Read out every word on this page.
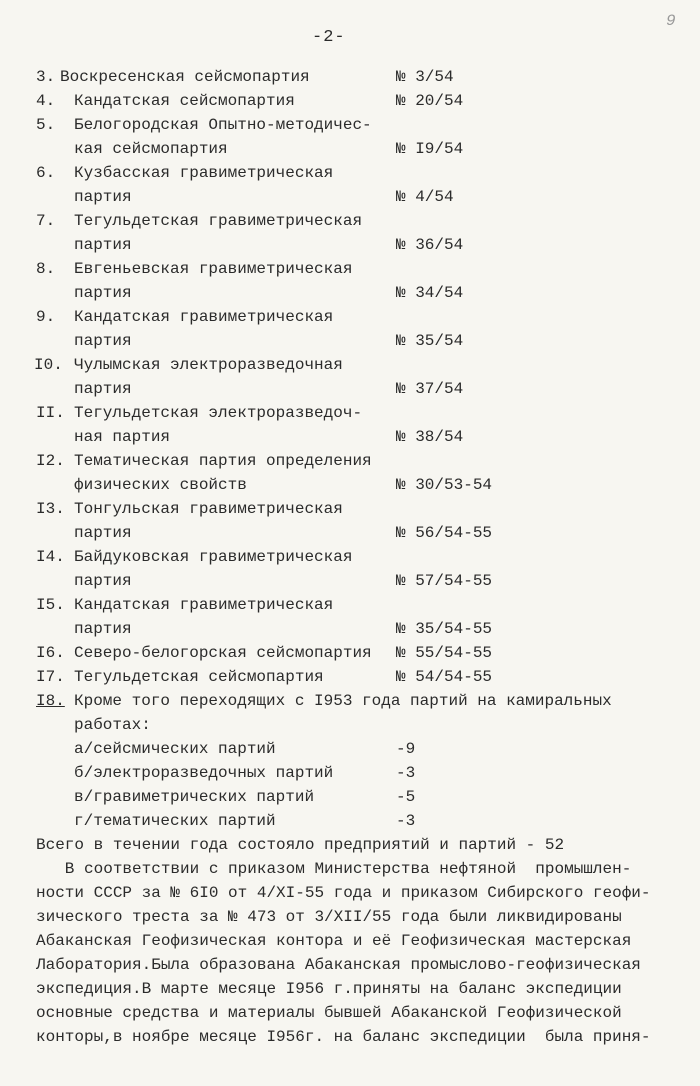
-2-
9
3. Воскресенская сейсмопартия	№ 3/54
4. Кандатская сейсмопартия	№ 20/54
5. Белогородская Опытно-методичес-
кая сейсмопартия	№ I9/54
6. Кузбасская гравиметрическая
партия	№ 4/54
7. Тегульдетская гравиметрическая
партия	№ 36/54
8. Евгеньевская гравиметрическая
партия	№ 34/54
9. Кандатская гравиметрическая
партия	№ 35/54
I0. Чулымская электроразведочная
партия	№ 37/54
II. Тегульдетская электроразведоч-
ная партия	№ 38/54
I2. Тематическая партия определения
физических свойств	№ 30/53-54
I3. Тонгульская гравиметрическая
партия	№ 56/54-55
I4. Байдуковская гравиметрическая
партия	№ 57/54-55
I5. Кандатская гравиметрическая
партия	№ 35/54-55
I6. Северо-белогорская сейсмопартия № 55/54-55
I7. Тегульдетская сейсмопартия	№ 54/54-55
I8. Кроме того переходящих с I953 года партий на камиральных
работах:
а/сейсмических партий	-9
б/электроразведочных партий	-3
в/гравиметрических партий	-5
г/тематических партий	-3
Всего в течении года состояло предприятий и партий - 52
В соответствии с приказом Министерства нефтяной  промышлен-
ности СССР за № 6I0 от 4/XI-55 года и приказом Сибирского геофи-
зического треста за № 473 от 3/XII/55 года были ликвидированы
Абаканская Геофизическая контора и её Геофизическая мастерская
Лаборатория.Была образована Абаканская промыслово-геофизическая
экспедиция.В марте месяце I956 г.приняты на баланс экспедиции
основные средства и материалы бывшей Абаканской Геофизической
конторы,в ноябре месяце I956г. на баланс экспедиции  была приня-
